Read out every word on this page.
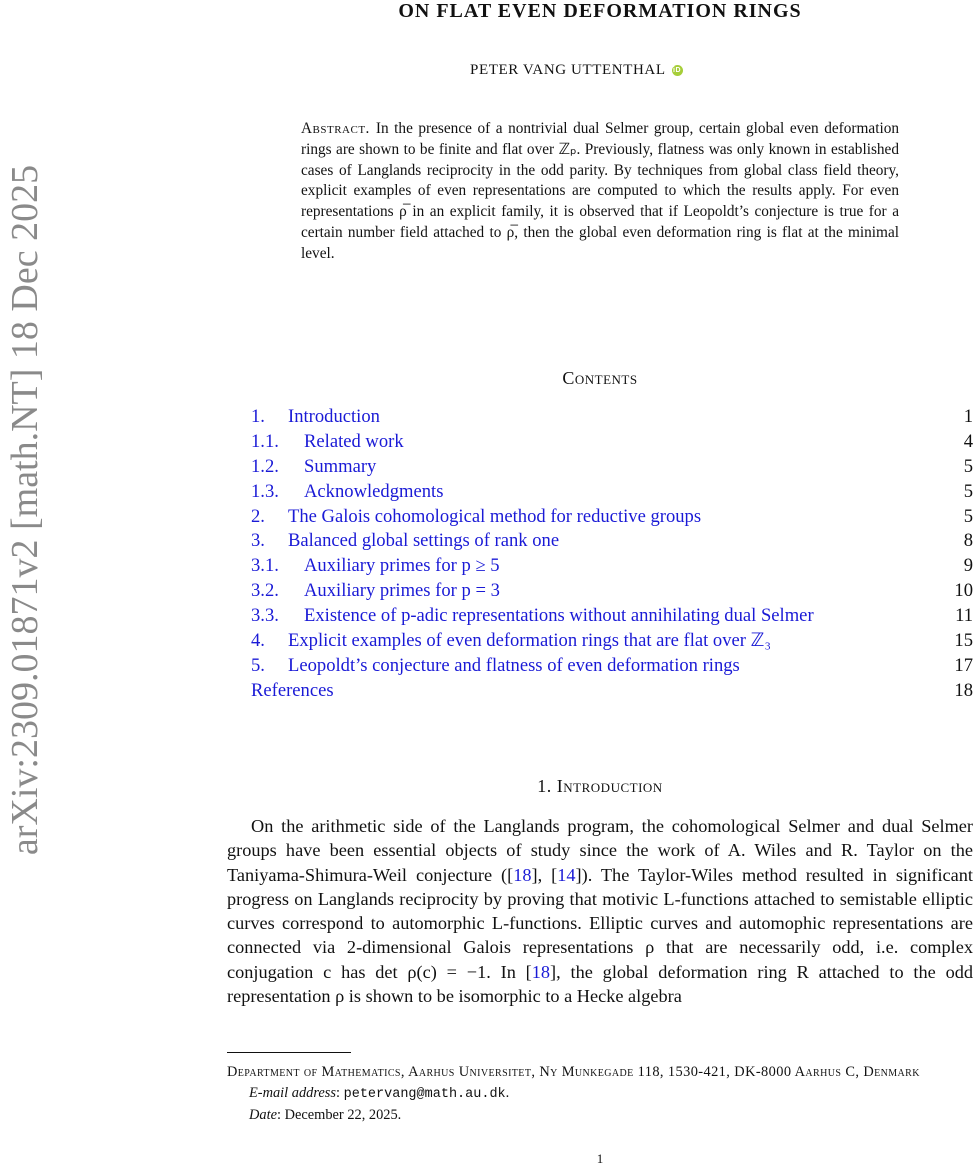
arXiv:2309.01871v2 [math.NT] 18 Dec 2025
ON FLAT EVEN DEFORMATION RINGS
PETER VANG UTTENTHAL iD
Abstract. In the presence of a nontrivial dual Selmer group, certain global even deformation rings are shown to be finite and flat over ℤₚ. Previously, flatness was only known in established cases of Langlands reciprocity in the odd parity. By techniques from global class field theory, explicit examples of even representations are computed to which the results apply. For even representations ρ̅ in an explicit family, it is observed that if Leopoldt’s conjecture is true for a certain number field attached to ρ̅, then the global even deformation ring is flat at the minimal level.
Contents
1. Introduction	1
1.1. Related work	4
1.2. Summary	5
1.3. Acknowledgments	5
2. The Galois cohomological method for reductive groups	5
3. Balanced global settings of rank one	8
3.1. Auxiliary primes for p ≥ 5	9
3.2. Auxiliary primes for p = 3	10
3.3. Existence of p-adic representations without annihilating dual Selmer	11
4. Explicit examples of even deformation rings that are flat over ℤ₃	15
5. Leopoldt’s conjecture and flatness of even deformation rings	17
References	18
1. Introduction
On the arithmetic side of the Langlands program, the cohomological Selmer and dual Selmer groups have been essential objects of study since the work of A. Wiles and R. Taylor on the Taniyama-Shimura-Weil conjecture ([18], [14]). The Taylor-Wiles method resulted in significant progress on Langlands reciprocity by proving that motivic L-functions attached to semistable elliptic curves correspond to automorphic L-functions. Elliptic curves and automophic representations are connected via 2-dimensional Galois representations ρ that are necessarily odd, i.e. complex conjugation c has det ρ(c) = −1. In [18], the global deformation ring R attached to the odd representation ρ is shown to be isomorphic to a Hecke algebra
Department of Mathematics, Aarhus Universitet, Ny Munkegade 118, 1530-421, DK-8000 Aarhus C, Denmark
E-mail address: petervang@math.au.dk.
Date: December 22, 2025.
1
